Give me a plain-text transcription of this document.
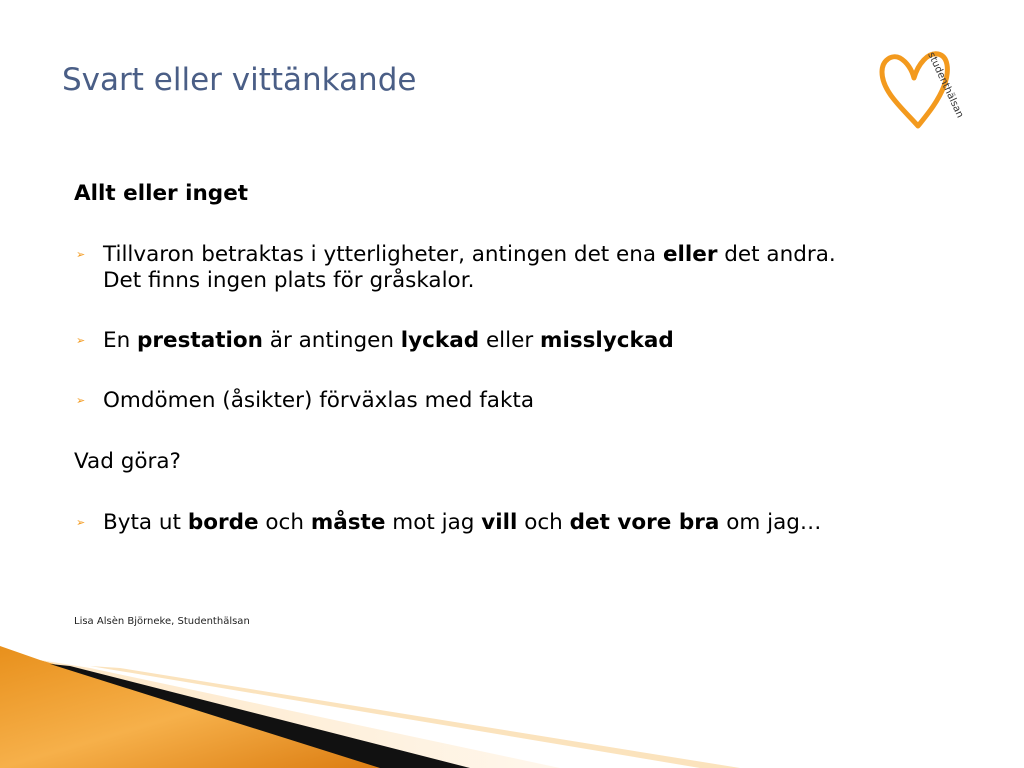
Svart eller vittänkande	studenthälsan
Allt eller inget
➢ Tillvaron betraktas i ytterligheter, antingen det ena eller det andra.
Det finns ingen plats för gråskalor.
➢ En prestation är antingen lyckad eller misslyckad
➢ Omdömen (åsikter) förväxlas med fakta
Vad göra?
➢ Byta ut borde och måste mot jag vill och det vore bra om jag…
Lisa Alsèn Björneke, Studenthälsan
